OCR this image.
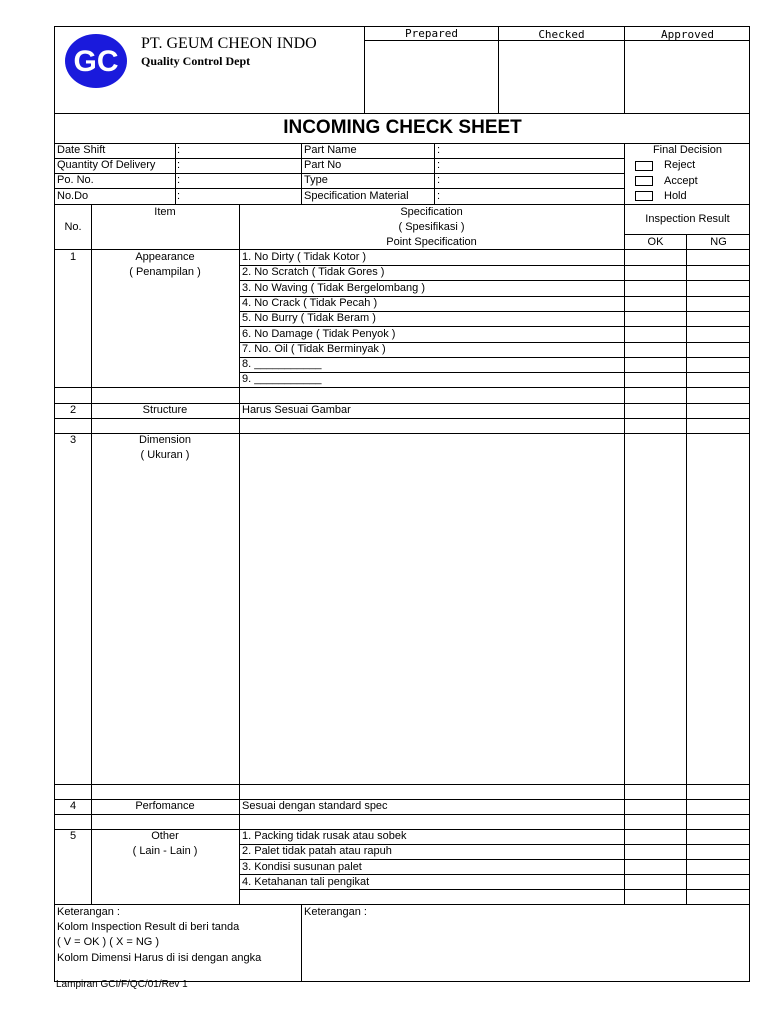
GC
PT. GEUM CHEON INDO
Quality Control Dept
Prepared	Checked	Approved
INCOMING CHECK SHEET
Date Shift	:
Quantity Of Delivery :
Po. No.	:
No.Do	:
Part Name	:
Part No	:
Type	:
Specification Material	:
Final Decision
Reject
Accept
Hold
No.
Item	Specification
( Spesifikasi )
Point Specification
Inspection Result
OK	NG
1	Appearance
( Penampilan )
1. No Dirty ( Tidak Kotor )
2. No Scratch ( Tidak Gores )
3. No Waving ( Tidak Bergelombang )
4. No Crack ( Tidak Pecah )
5. No Burry ( Tidak Beram )
6. No Damage ( Tidak Penyok )
7. No. Oil ( Tidak Berminyak )
8. ___________
9. ___________
2	Structure	Harus Sesuai Gambar
3	Dimension
( Ukuran )
4	Perfomance	Sesuai dengan standard spec
5	Other
( Lain - Lain )
1. Packing tidak rusak atau sobek
2. Palet tidak patah atau rapuh
3. Kondisi susunan palet
4. Ketahanan tali pengikat
Keterangan :
Kolom Inspection Result di beri tanda
( V = OK ) ( X = NG )
Kolom Dimensi Harus di isi dengan angka
Keterangan :
Lampiran GCI/F/QC/01/Rev 1
